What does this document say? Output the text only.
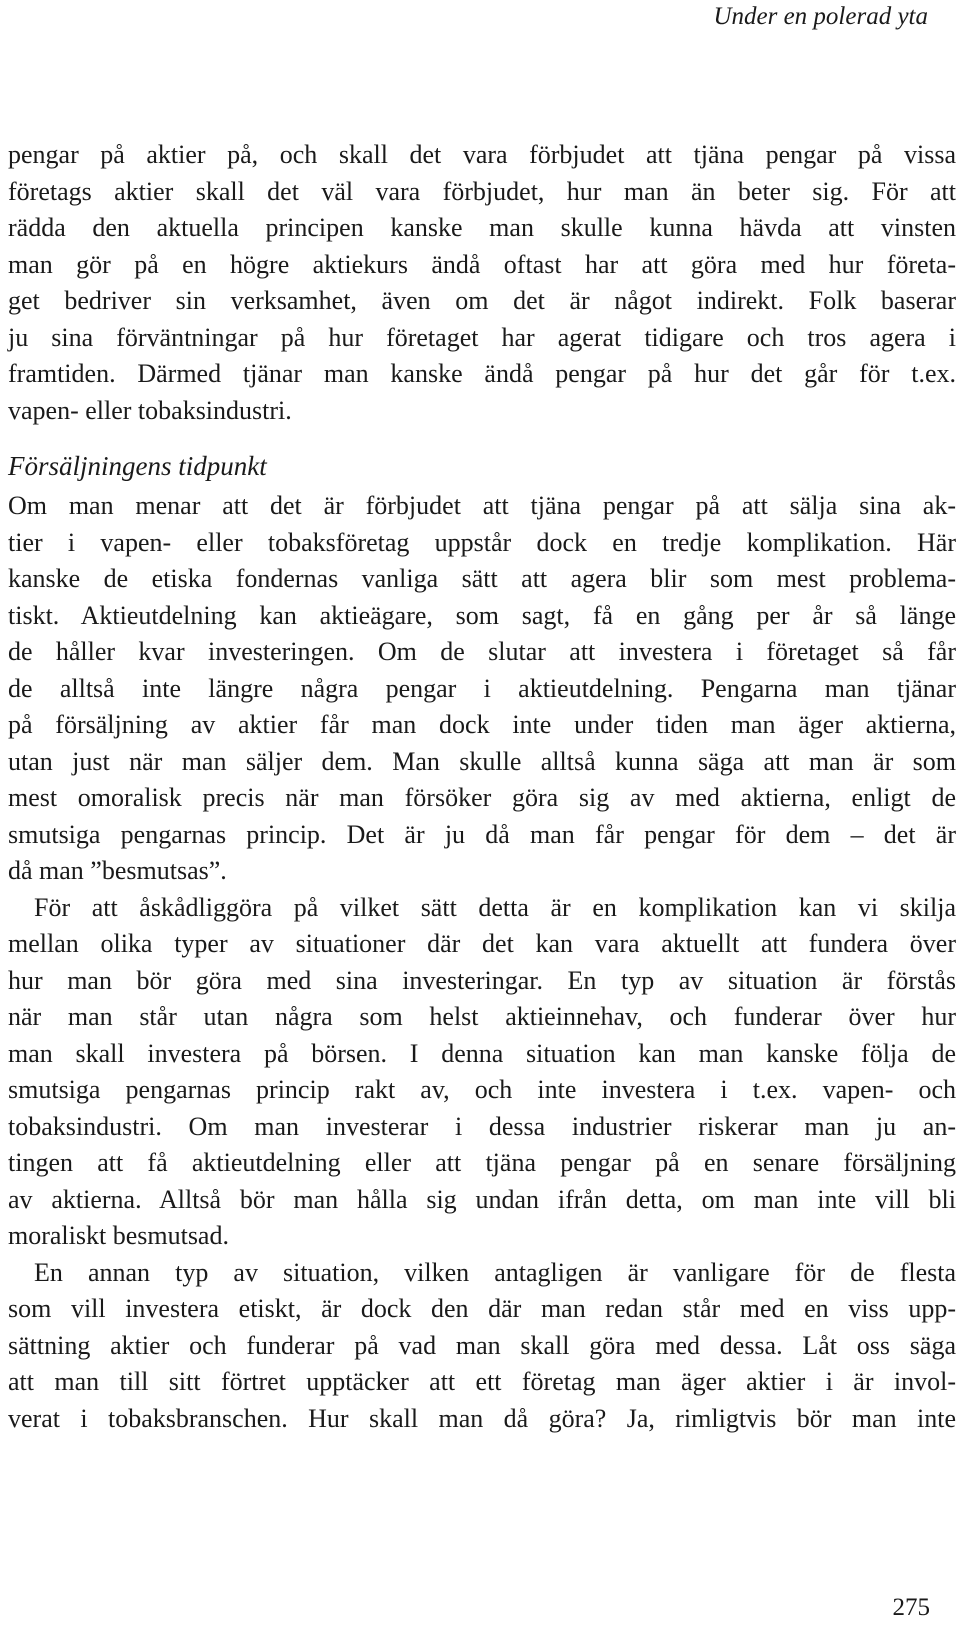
Under en polerad yta
pengar på aktier på, och skall det vara förbjudet att tjäna pengar på vissa
företags aktier skall det väl vara förbjudet, hur man än beter sig. För att
rädda den aktuella principen kanske man skulle kunna hävda att vinsten
man gör på en högre aktiekurs ändå oftast har att göra med hur företa-
get bedriver sin verksamhet, även om det är något indirekt. Folk baserar
ju sina förväntningar på hur företaget har agerat tidigare och tros agera i
framtiden. Därmed tjänar man kanske ändå pengar på hur det går för t.ex.
vapen- eller tobaksindustri.
Försäljningens tidpunkt
Om man menar att det är förbjudet att tjäna pengar på att sälja sina ak-
tier i vapen- eller tobaksföretag uppstår dock en tredje komplikation. Här
kanske de etiska fondernas vanliga sätt att agera blir som mest problema-
tiskt. Aktieutdelning kan aktieägare, som sagt, få en gång per år så länge
de håller kvar investeringen. Om de slutar att investera i företaget så får
de alltså inte längre några pengar i aktieutdelning. Pengarna man tjänar
på försäljning av aktier får man dock inte under tiden man äger aktierna,
utan just när man säljer dem. Man skulle alltså kunna säga att man är som
mest omoralisk precis när man försöker göra sig av med aktierna, enligt de
smutsiga pengarnas princip. Det är ju då man får pengar för dem – det är
då man ”besmutsas”.
För att åskådliggöra på vilket sätt detta är en komplikation kan vi skilja
mellan olika typer av situationer där det kan vara aktuellt att fundera över
hur man bör göra med sina investeringar. En typ av situation är förstås
när man står utan några som helst aktieinnehav, och funderar över hur
man skall investera på börsen. I denna situation kan man kanske följa de
smutsiga pengarnas princip rakt av, och inte investera i t.ex. vapen- och
tobaksindustri. Om man investerar i dessa industrier riskerar man ju an-
tingen att få aktieutdelning eller att tjäna pengar på en senare försäljning
av aktierna. Alltså bör man hålla sig undan ifrån detta, om man inte vill bli
moraliskt besmutsad.
En annan typ av situation, vilken antagligen är vanligare för de flesta
som vill investera etiskt, är dock den där man redan står med en viss upp-
sättning aktier och funderar på vad man skall göra med dessa. Låt oss säga
att man till sitt förtret upptäcker att ett företag man äger aktier i är invol-
verat i tobaksbranschen. Hur skall man då göra? Ja, rimligtvis bör man inte
275
